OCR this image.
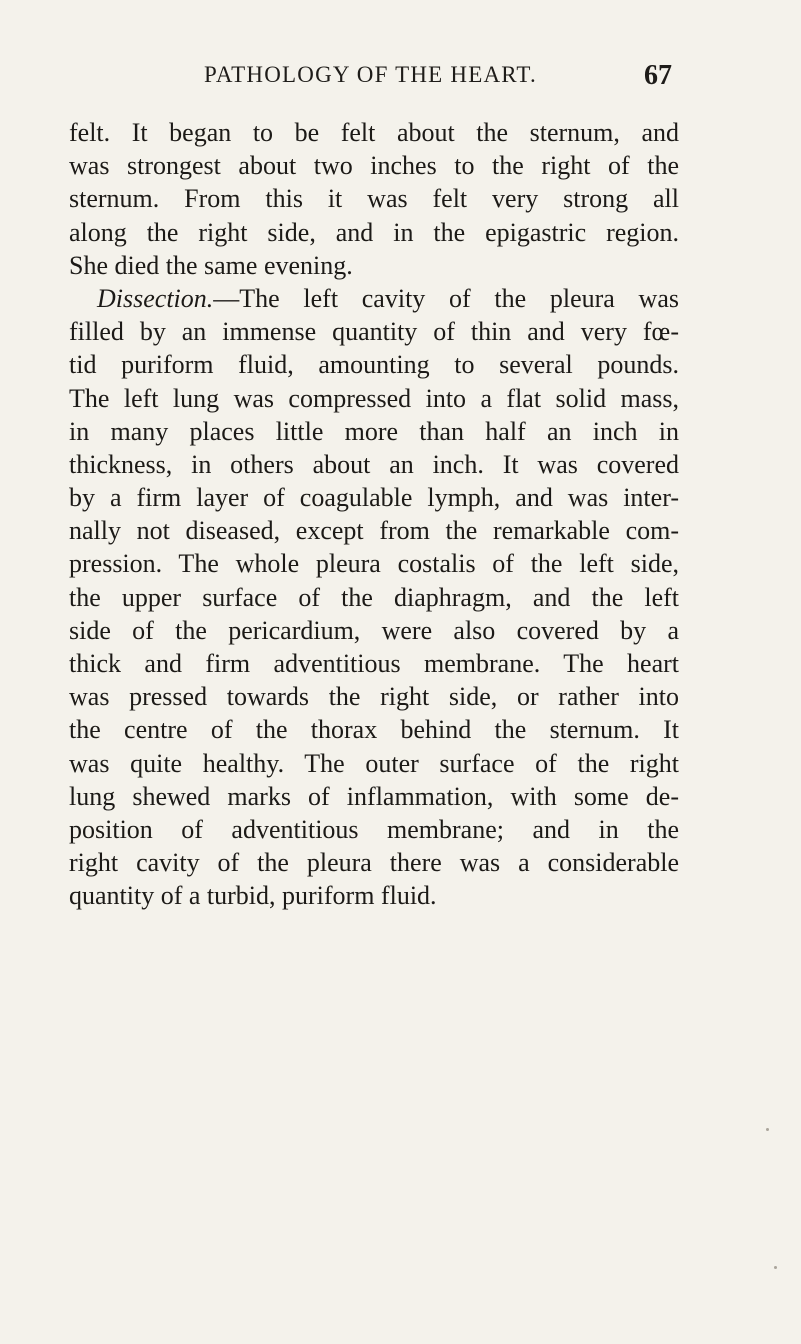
PATHOLOGY OF THE HEART.	67
felt. It began to be felt about the sternum, and
was strongest about two inches to the right of the
sternum. From this it was felt very strong all
along the right side, and in the epigastric region.
She died the same evening.
Dissection.—The left cavity of the pleura was
filled by an immense quantity of thin and very fœ-
tid puriform fluid, amounting to several pounds.
The left lung was compressed into a flat solid mass,
in many places little more than half an inch in
thickness, in others about an inch. It was covered
by a firm layer of coagulable lymph, and was inter-
nally not diseased, except from the remarkable com-
pression. The whole pleura costalis of the left side,
the upper surface of the diaphragm, and the left
side of the pericardium, were also covered by a
thick and firm adventitious membrane. The heart
was pressed towards the right side, or rather into
the centre of the thorax behind the sternum. It
was quite healthy. The outer surface of the right
lung shewed marks of inflammation, with some de-
position of adventitious membrane; and in the
right cavity of the pleura there was a considerable
quantity of a turbid, puriform fluid.
